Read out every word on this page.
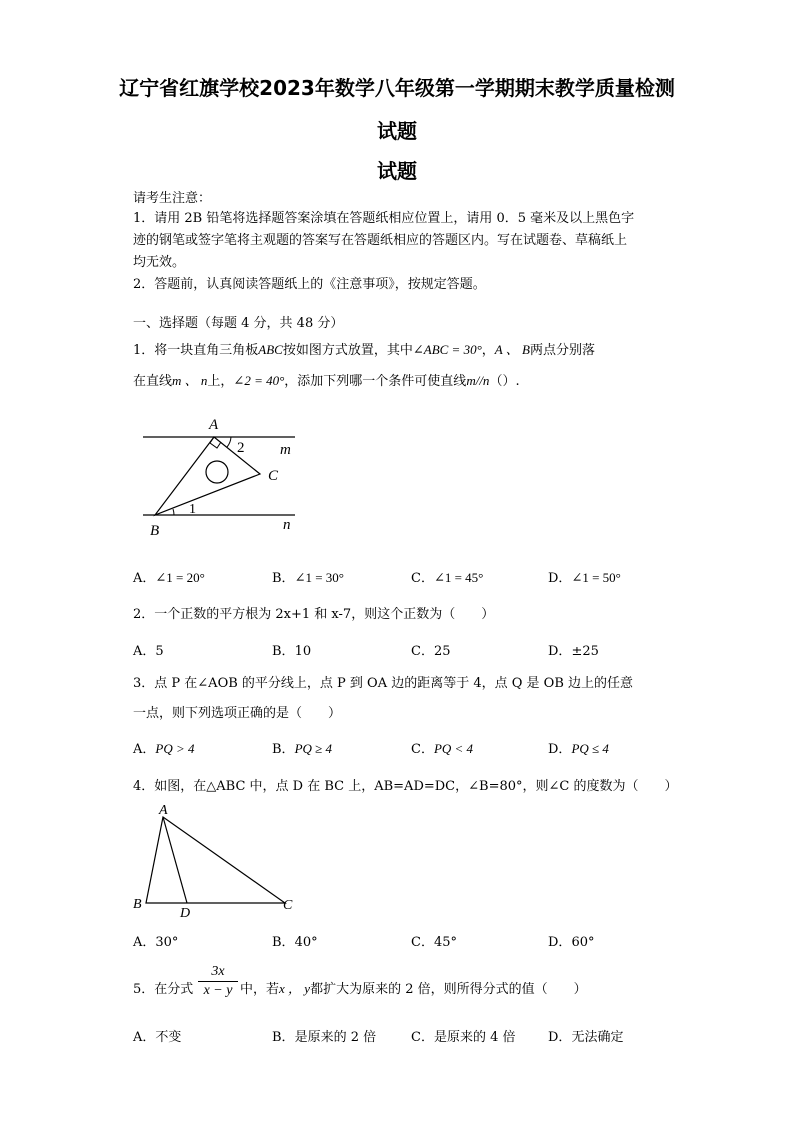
辽宁省红旗学校2023年数学八年级第一学期期末教学质量检测
试题
试题
请考生注意：
1．请用 2B 铅笔将选择题答案涂填在答题纸相应位置上，请用 0．5 毫米及以上黑色字
迹的钢笔或签字笔将主观题的答案写在答题纸相应的答题区内。写在试题卷、草稿纸上
均无效。
2．答题前，认真阅读答题纸上的《注意事项》，按规定答题。
一、选择题（每题 4 分，共 48 分）
1．将一块直角三角板ABC按如图方式放置，其中∠ABC = 30°，A 、 B两点分别落
在直线m 、 n上，∠2 = 40°，添加下列哪一个条件可使直线m//n（）.
A
B
C
m
n
1
2
A．∠1 = 20°	B．∠1 = 30°	C．∠1 = 45°	D．∠1 = 50°
2．一个正数的平方根为 2x+1 和 x-7，则这个正数为（　　）
A．5	B．10	C．25	D．±25
3．点 P 在∠AOB 的平分线上，点 P 到 OA 边的距离等于 4，点 Q 是 OB 边上的任意
一点，则下列选项正确的是（　　）
A．PQ > 4	B．PQ ≥ 4	C．PQ < 4	D．PQ ≤ 4
4．如图，在△ABC 中，点 D 在 BC 上，AB=AD=DC，∠B=80°，则∠C 的度数为（　　）
A
B
D
C
A．30°	B．40°	C．45°	D．60°
5．在分式 $\frac{3x}{x - y}$ 中，若x ， y都扩大为原来的 2 倍，则所得分式的值（　　）
A．不变	B．是原来的 2 倍	C．是原来的 4 倍	D．无法确定
